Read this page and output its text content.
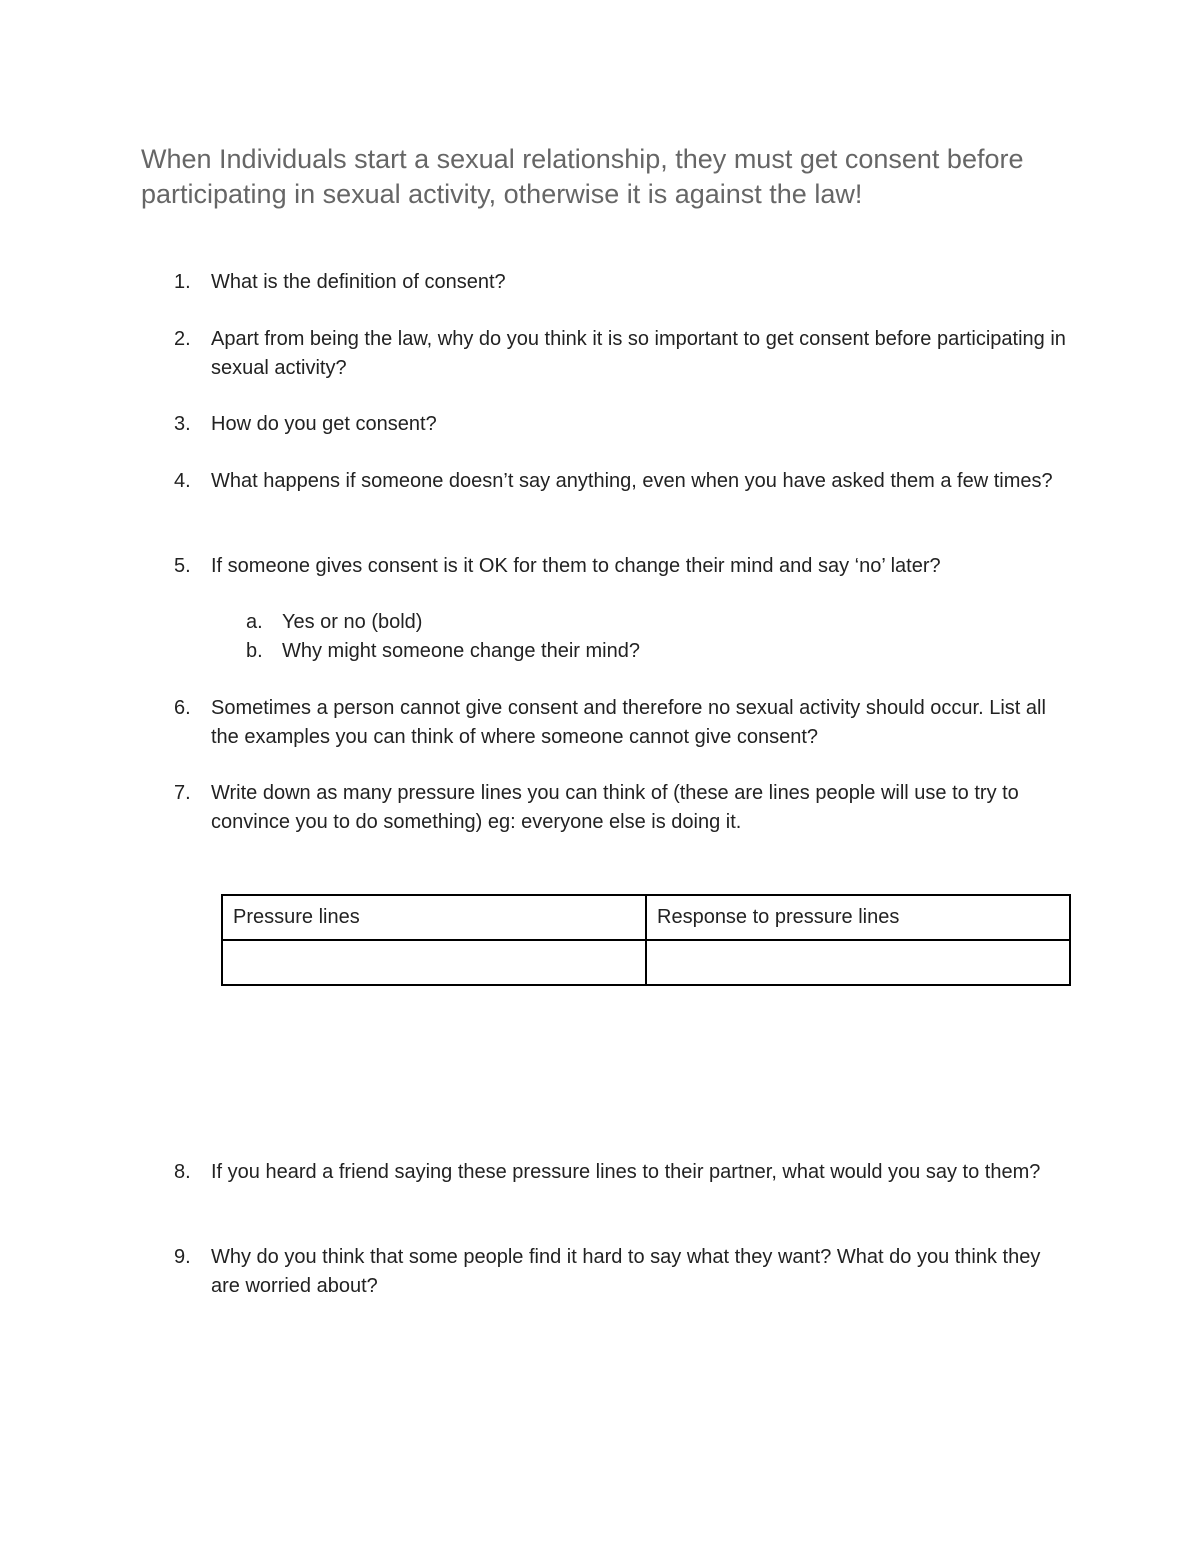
When Individuals start a sexual relationship, they must get consent before participating in sexual activity, otherwise it is against the law!
1.	What is the definition of consent?
2.	Apart from being the law, why do you think it is so important to get consent before participating in sexual activity?
3.	How do you get consent?
4.	What happens if someone doesn’t say anything, even when you have asked them a few times?
5.	If someone gives consent is it OK for them to change their mind and say ‘no’ later?
a. Yes or no (bold)
b. Why might someone change their mind?
6.	Sometimes a person cannot give consent and therefore no sexual activity should occur. List all the examples you can think of where someone cannot give consent?
7.	Write down as many pressure lines you can think of (these are lines people will use to try to convince you to do something) eg: everyone else is doing it.
Pressure lines	Response to pressure lines

8.	If you heard a friend saying these pressure lines to their partner, what would you say to them?
9.	Why do you think that some people find it hard to say what they want? What do you think they are worried about?
